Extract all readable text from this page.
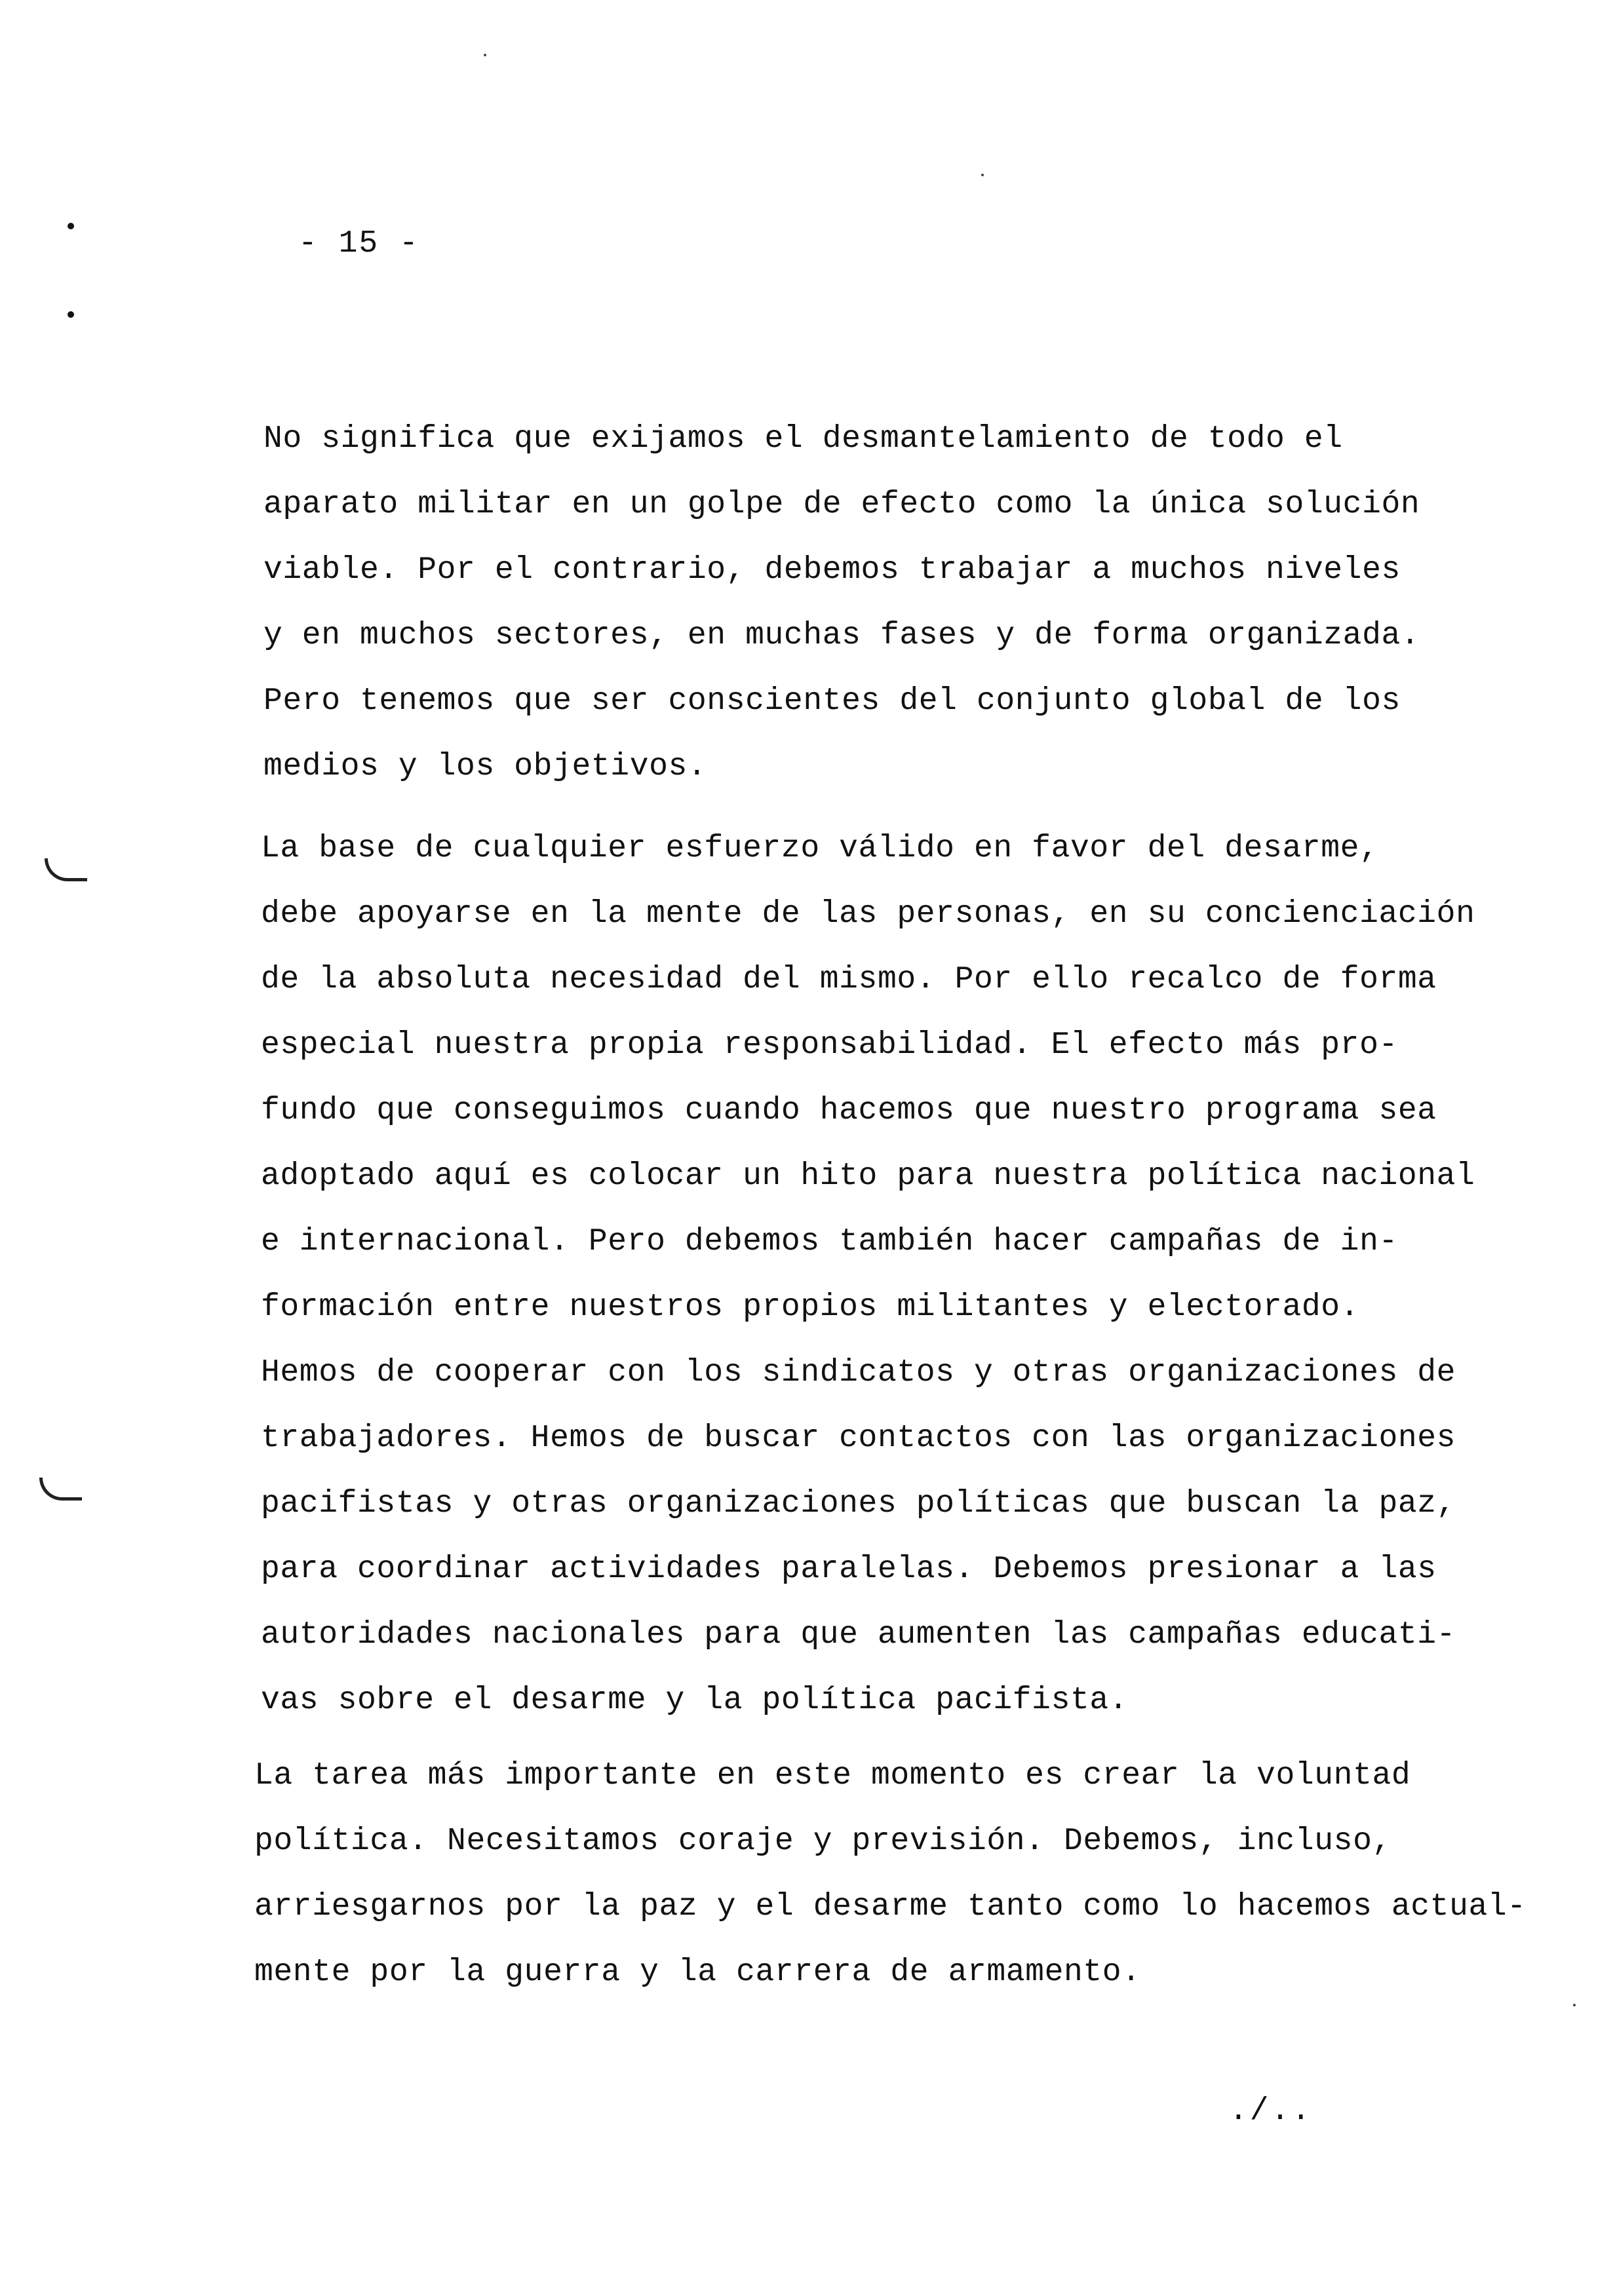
- 15 -
No significa que exijamos el desmantelamiento de todo el
aparato militar en un golpe de efecto como la única solución
viable. Por el contrario, debemos trabajar a muchos niveles
y en muchos sectores, en muchas fases y de forma organizada.
Pero tenemos que ser conscientes del conjunto global de los
medios y los objetivos.
La base de cualquier esfuerzo válido en favor del desarme,
debe apoyarse en la mente de las personas, en su concienciación
de la absoluta necesidad del mismo. Por ello recalco de forma
especial nuestra propia responsabilidad. El efecto más pro-
fundo que conseguimos cuando hacemos que nuestro programa sea
adoptado aquí es colocar un hito para nuestra política nacional
e internacional. Pero debemos también hacer campañas de in-
formación entre nuestros propios militantes y electorado.
Hemos de cooperar con los sindicatos y otras organizaciones de
trabajadores. Hemos de buscar contactos con las organizaciones
pacifistas y otras organizaciones políticas que buscan la paz,
para coordinar actividades paralelas. Debemos presionar a las
autoridades nacionales para que aumenten las campañas educati-
vas sobre el desarme y la política pacifista.
La tarea más importante en este momento es crear la voluntad
política. Necesitamos coraje y previsión. Debemos, incluso,
arriesgarnos por la paz y el desarme tanto como lo hacemos actual-
mente por la guerra y la carrera de armamento.
./..
